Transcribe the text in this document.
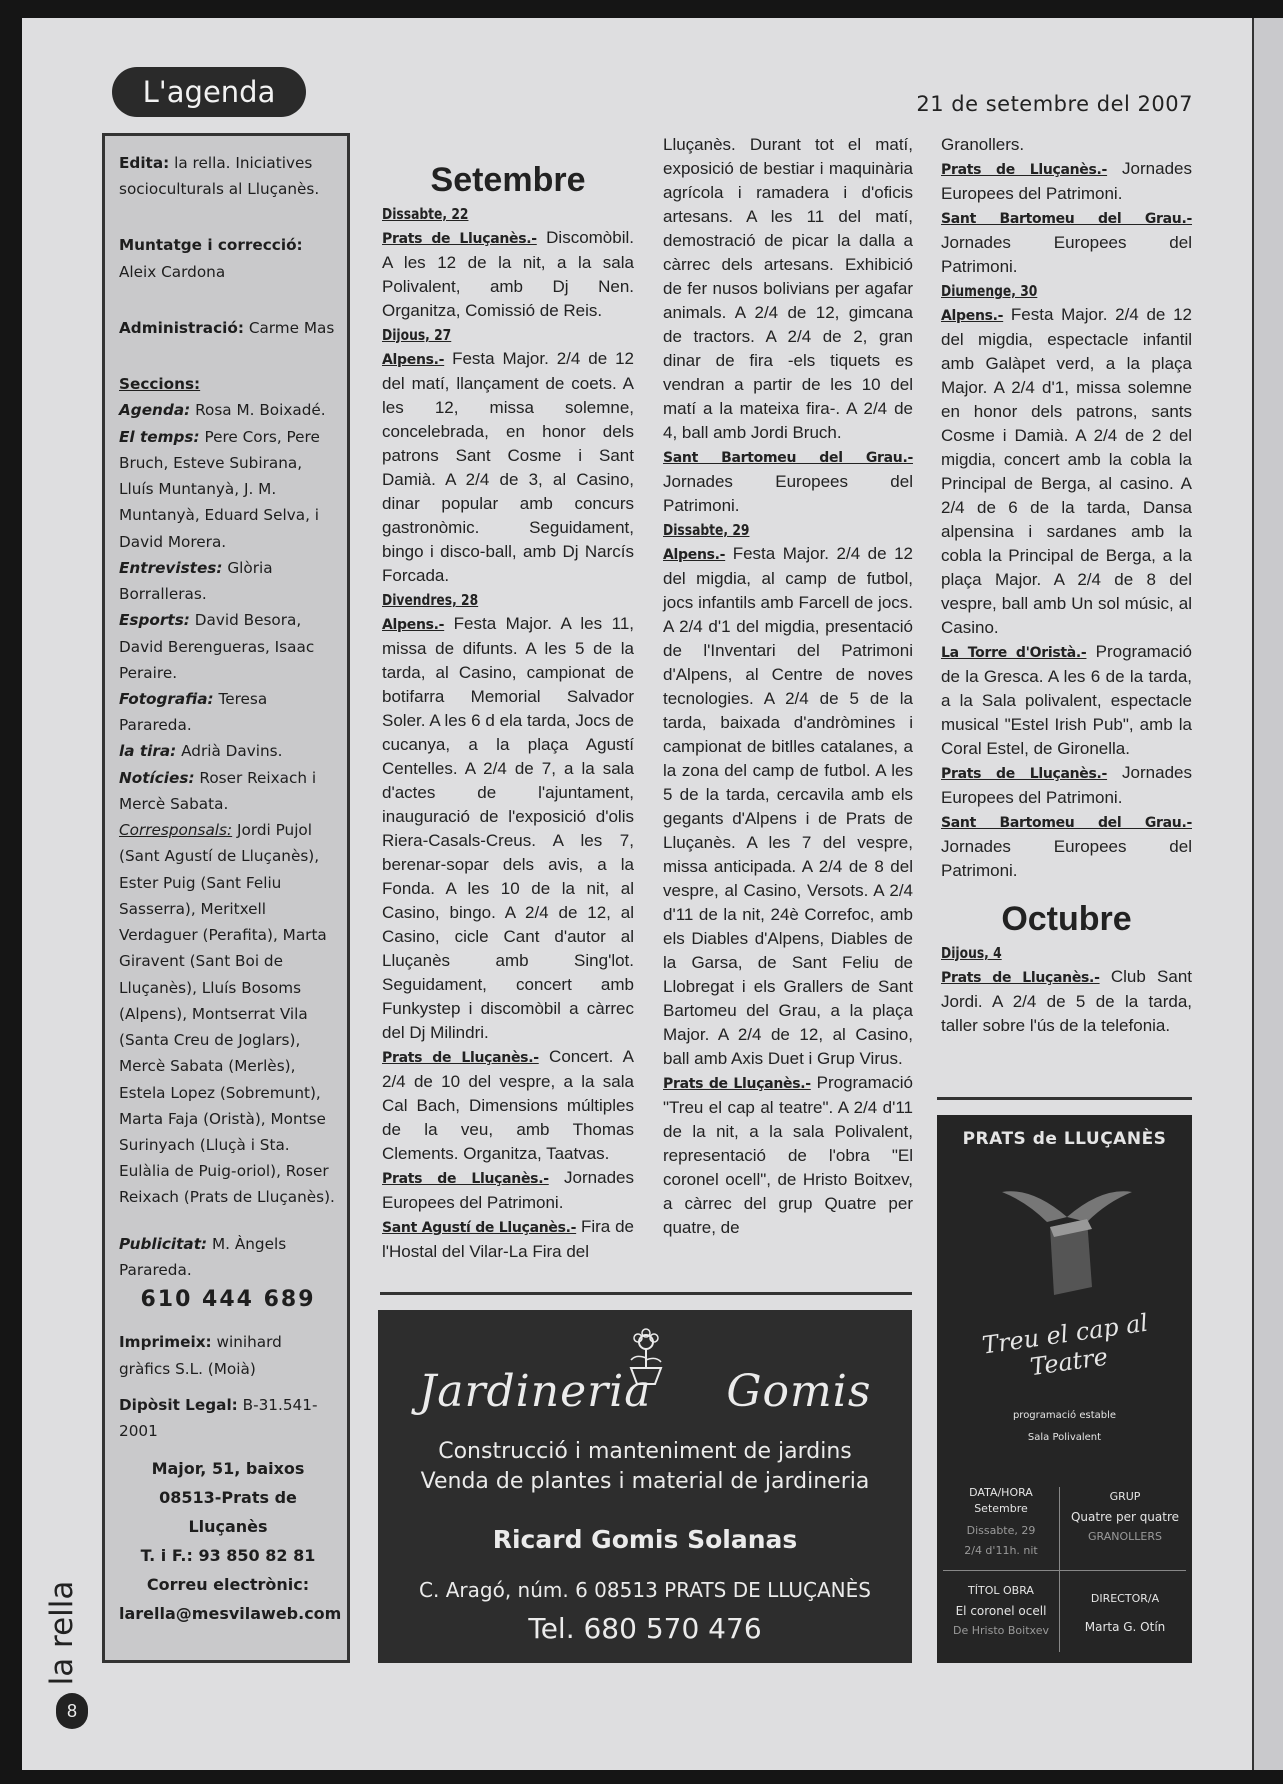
L'agenda	21 de setembre del 2007
Edita: la rella. Iniciatives socioculturals al Lluçanès.
Muntatge i correcció: Aleix Cardona
Administració: Carme Mas

Seccions:

Agenda: Rosa M. Boixadé.

El temps: Pere Cors, Pere Bruch, Esteve Subirana, Lluís Muntanyà, J. M. Muntanyà, Eduard Selva, i David Morera.

Entrevistes: Glòria Borralleras.

Esports: David Besora, David Berengueras, Isaac Peraire.

Fotografia: Teresa Parareda.

la tira: Adrià Davins.

Notícies: Roser Reixach i Mercè Sabata.

Corresponsals: Jordi Pujol (Sant Agustí de Lluçanès), Ester Puig (Sant Feliu Sasserra), Meritxell Verdaguer (Perafita), Marta Giravent (Sant Boi de Lluçanès), Lluís Bosoms (Alpens), Montserrat Vila (Santa Creu de Joglars), Mercè Sabata (Merlès), Estela Lopez (Sobremunt), Marta Faja (Oristà), Montse Surinyach (Lluçà i Sta. Eulàlia de Puig-oriol), Roser Reixach (Prats de Lluçanès).

Publicitat: M. Àngels Parareda.

610 444 689

Imprimeix: winihard gràfics S.L. (Moià)
Dipòsit Legal: B-31.541-2001

Major, 51, baixos

08513-Prats de Lluçanès

T. i F.: 93 850 82 81

Correu electrònic:

larella@mesvilaweb.com

la rella
8

Setembre

Dissabte, 22

Prats de Lluçanès.- Discomòbil. A les 12 de la nit, a la sala Polivalent, amb Dj Nen. Organitza, Comissió de Reis.

Dijous, 27

Alpens.- Festa Major. 2/4 de 12 del matí, llançament de coets. A les 12, missa solemne, concelebrada, en honor dels patrons Sant Cosme i Sant Damià. A 2/4 de 3, al Casino, dinar popular amb concurs gastronòmic. Seguidament, bingo i disco-ball, amb Dj Narcís Forcada.

Divendres, 28

Alpens.- Festa Major. A les 11, missa de difunts. A les 5 de la tarda, al Casino, campionat de botifarra Memorial Salvador Soler. A les 6 d ela tarda, Jocs de cucanya, a la plaça Agustí Centelles. A 2/4 de 7, a la sala d'actes de l'ajuntament, inauguració de l'exposició d'olis Riera-Casals-Creus. A les 7, berenar-sopar dels avis, a la Fonda. A les 10 de la nit, al Casino, bingo. A 2/4 de 12, al Casino, cicle Cant d'autor al Lluçanès amb Sing'lot. Seguidament, concert amb Funkystep i discomòbil a càrrec del Dj Milindri.

Prats de Lluçanès.- Concert. A 2/4 de 10 del vespre, a la sala Cal Bach, Dimensions múltiples de la veu, amb Thomas Clements. Organitza, Taatvas.

Prats de Lluçanès.- Jornades Europees del Patrimoni.

Sant Agustí de Lluçanès.- Fira de l'Hostal del Vilar-La Fira del

Lluçanès. Durant tot el matí, exposició de bestiar i maquinària agrícola i ramadera i d'oficis artesans. A les 11 del matí, demostració de picar la dalla a càrrec dels artesans. Exhibició de fer nusos bolivians per agafar animals. A 2/4 de 12, gimcana de tractors. A 2/4 de 2, gran dinar de fira -els tiquets es vendran a partir de les 10 del matí a la mateixa fira-. A 2/4 de 4, ball amb Jordi Bruch.

Sant Bartomeu del Grau.- Jornades Europees del Patrimoni.

Dissabte, 29

Alpens.- Festa Major. 2/4 de 12 del migdia, al camp de futbol, jocs infantils amb Farcell de jocs. A 2/4 d'1 del migdia, presentació de l'Inventari del Patrimoni d'Alpens, al Centre de noves tecnologies. A 2/4 de 5 de la tarda, baixada d'andròmines i campionat de bitlles catalanes, a la zona del camp de futbol. A les 5 de la tarda, cercavila amb els gegants d'Alpens i de Prats de Lluçanès. A les 7 del vespre, missa anticipada. A 2/4 de 8 del vespre, al Casino, Versots. A 2/4 d'11 de la nit, 24è Correfoc, amb els Diables d'Alpens, Diables de la Garsa, de Sant Feliu de Llobregat i els Grallers de Sant Bartomeu del Grau, a la plaça Major. A 2/4 de 12, al Casino, ball amb Axis Duet i Grup Virus.

Prats de Lluçanès.- Programació "Treu el cap al teatre". A 2/4 d'11 de la nit, a la sala Polivalent, representació de l'obra "El coronel ocell", de Hristo Boitxev, a càrrec del grup Quatre per quatre, de

Granollers.

Prats de Lluçanès.- Jornades Europees del Patrimoni.

Sant Bartomeu del Grau.- Jornades Europees del Patrimoni.

Diumenge, 30

Alpens.- Festa Major. 2/4 de 12 del migdia, espectacle infantil amb Galàpet verd, a la plaça Major. A 2/4 d'1, missa solemne en honor dels patrons, sants Cosme i Damià. A 2/4 de 2 del migdia, concert amb la cobla la Principal de Berga, al casino. A 2/4 de 6 de la tarda, Dansa alpensina i sardanes amb la cobla la Principal de Berga, a la plaça Major. A 2/4 de 8 del vespre, ball amb Un sol músic, al Casino.

La Torre d'Oristà.- Programació de la Gresca. A les 6 de la tarda, a la Sala polivalent, espectacle musical "Estel Irish Pub", amb la Coral Estel, de Gironella.

Prats de Lluçanès.- Jornades Europees del Patrimoni.

Sant Bartomeu del Grau.- Jornades Europees del Patrimoni.

Octubre

Dijous, 4

Prats de Lluçanès.- Club Sant Jordi. A 2/4 de 5 de la tarda, taller sobre l'ús de la telefonia.

Jardineria Gomis
Construcció i manteniment de jardins
Venda de plantes i material de jardineria
Ricard Gomis Solanas
C. Aragó, núm. 6 08513 PRATS DE LLUÇANÈS
Tel. 680 570 476
PRATS de LLUÇANÈS
Treu el cap al Teatre
programació estable
Sala Polivalent
DATA/HORA
Setembre
Dissabte, 29
2/4 d'11h. nit
GRUP
Quatre per quatre
GRANOLLERS
TÍTOL OBRA
El coronel ocell
De Hristo Boitxev
DIRECTOR/A
Marta G. Otín
